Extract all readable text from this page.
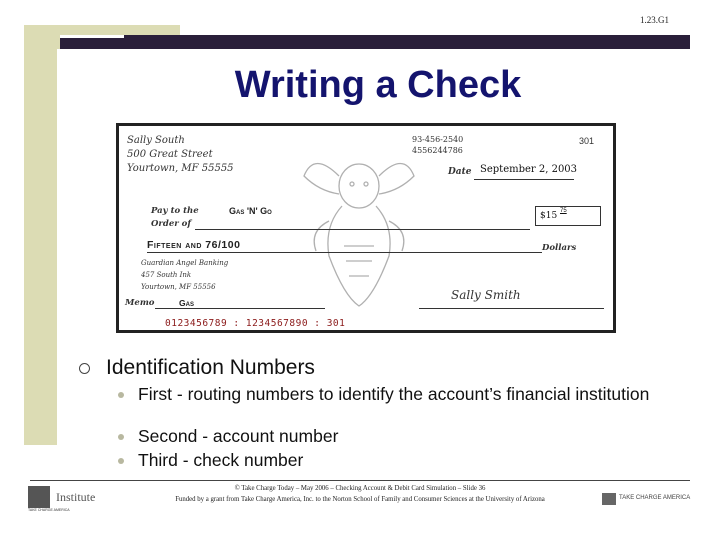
1.23.G1
Writing a Check
Sally South
500 Great Street
Yourtown, MF 55555
93-456-2540
4556244786
301
Date September 2, 2003
Pay to the
Order of
Gas 'N' Go	$15 75
Fifteen and 76/100	Dollars
Guardian Angel Banking
457 South Ink
Yourtown, MF 55556
Memo	Gas
Sally Smith
0123456789 : 1234567890 : 301
Identification Numbers
First - routing numbers to identify the account’s financial institution
Second - account number
Third - check number
TAKE CHARGE AMERICA
Institute
© Take Charge Today – May 2006 – Checking Account & Debit Card Simulation – Slide 36
Funded by a grant from Take Charge America, Inc. to the Norton School of Family and Consumer Sciences at the University of Arizona	TAKE CHARGE AMERICA
